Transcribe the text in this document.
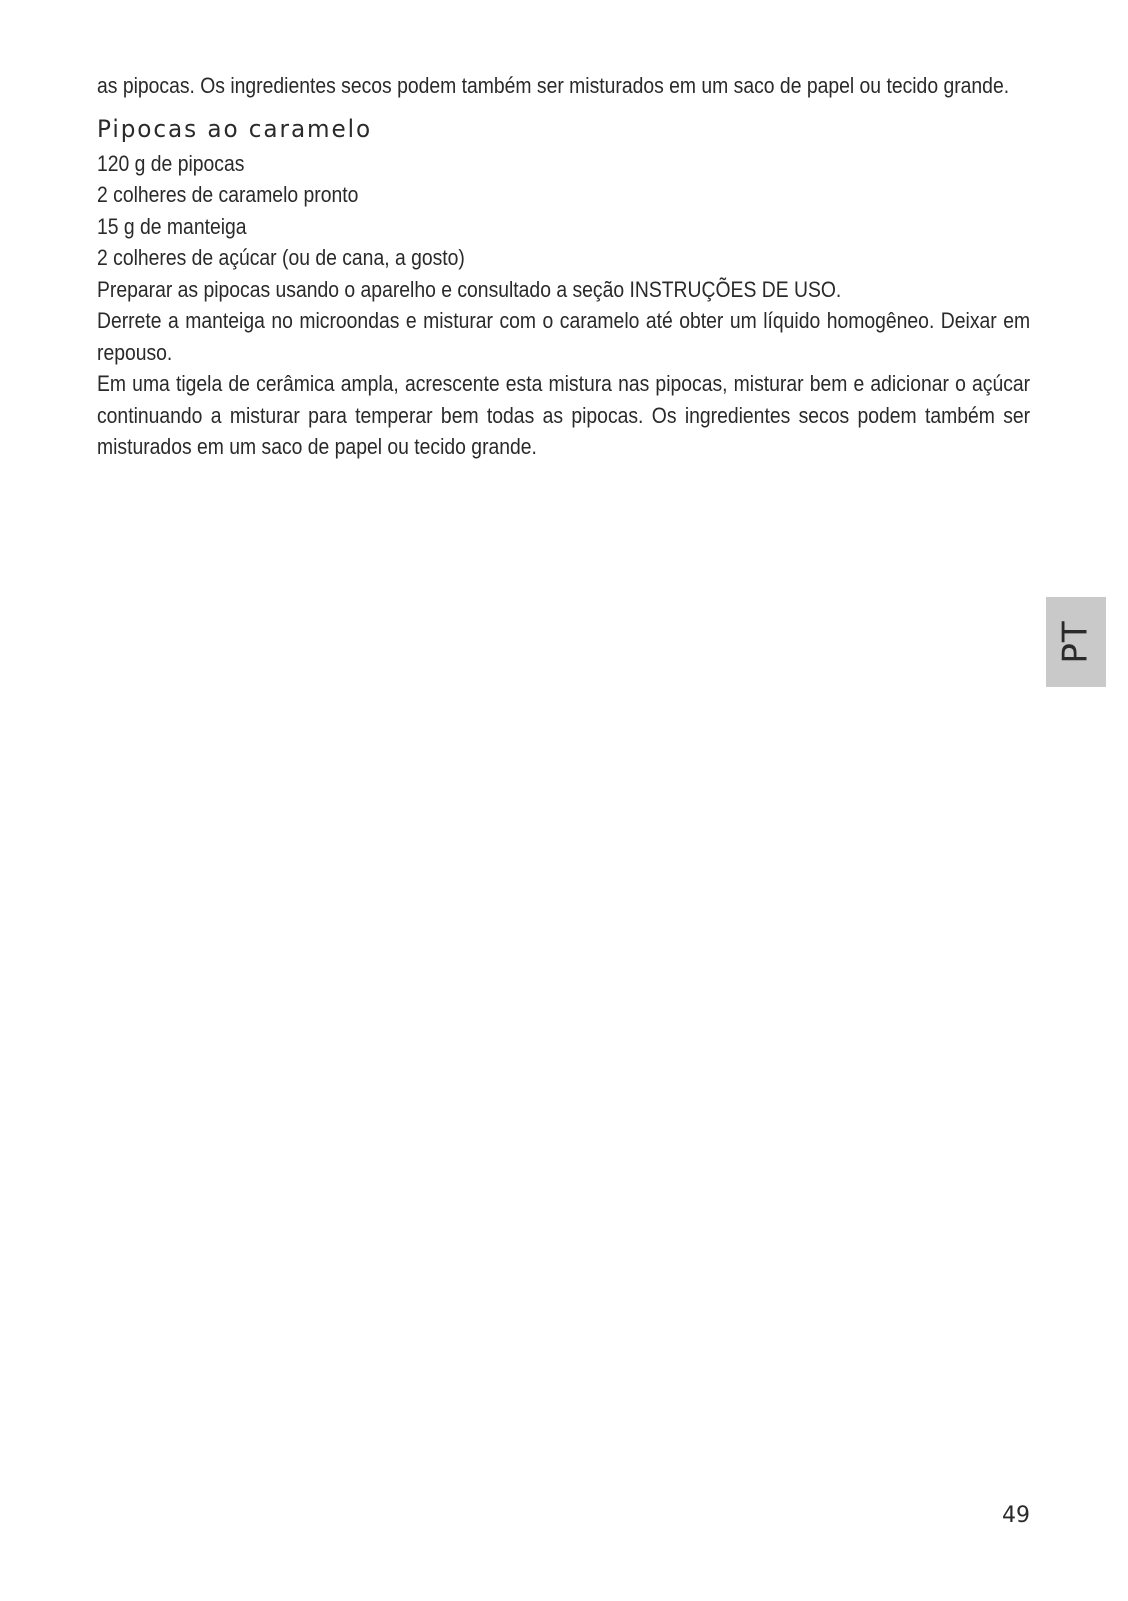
as pipocas. Os ingredientes secos podem também ser misturados em um saco de papel ou tecido grande.

Pipocas ao caramelo

120 g de pipocas

2 colheres de caramelo pronto

15 g de manteiga

2 colheres de açúcar (ou de cana, a gosto)

Preparar as pipocas usando o aparelho e consultado a seção INSTRUÇÕES DE USO.

Derrete a manteiga no microondas e misturar com o caramelo até obter um líquido homogêneo. Deixar em repouso.

Em uma tigela de cerâmica ampla, acrescente esta mistura nas pipocas, misturar bem e adicionar o açúcar continuando a misturar para temperar bem todas as pipocas. Os ingredientes secos podem também ser misturados em um saco de papel ou tecido grande.

PT
49
